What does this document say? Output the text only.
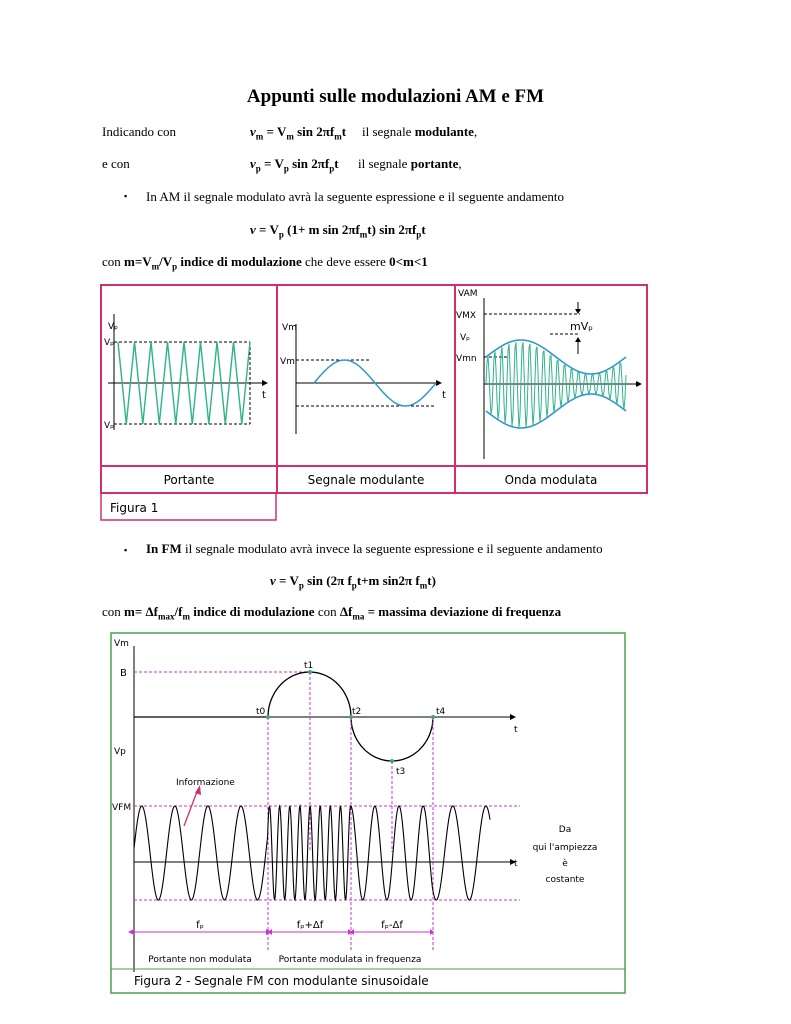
Appunti sulle modulazioni AM e FM
Indicando con	$v_m = V_m$ $\sin 2\pi f_mt$ il segnale modulante,
e con	$v_p = V_p$ $\sin 2\pi f_pt$ il segnale portante,
▪ In AM il segnale modulato avrà la seguente espressione e il seguente andamento
$v = V_p$ (1+ m $\sin 2\pi f_mt$) $\sin 2\pi f_pt$
con $m=V_m/V_p$ indice di modulazione che deve essere 0<m<1
Vₚ
Vₚ
Vₚ
t
Vm
Vm
t
VAM
VMX
Vₚ
Vmn
mVₚ
Portante	Segnale modulante	Onda modulata
Figura 1
▪ In FM il segnale modulato avrà invece la seguente espressione e il seguente andamento
$v = V_p$ sin (2π $f_pt+m$ sin2π $f_mt$)
con $m= \Delta f_{max}/f_m$ indice di modulazione con $\Delta f_{ma}$ = massima deviazione di frequenza
Vm
B
t1
t0	t2	t4
t3
t
Vp
Informazione
VFM
t
Da
qui l'ampiezza
è
costante
fₚ	fₚ+Δf	fₚ-Δf
Portante non modulata	Portante modulata in frequenza
Figura 2 - Segnale FM con modulante sinusoidale
